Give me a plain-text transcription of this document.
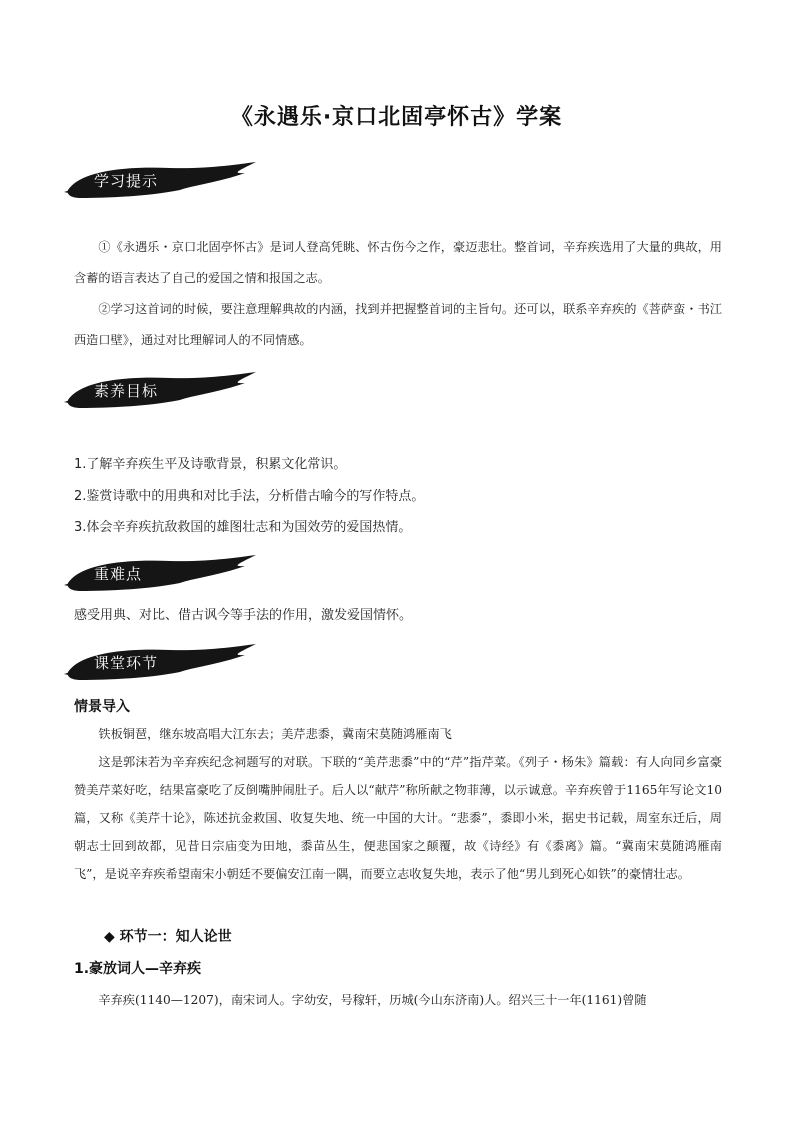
《永遇乐·京口北固亭怀古》学案
学习提示
①《永遇乐・京口北固亭怀古》是词人登高凭眺、怀古伤今之作，豪迈悲壮。整首词，辛弃疾选用了大量的典故，用含蓄的语言表达了自己的爱国之情和报国之志。
②学习这首词的时候，要注意理解典故的内涵，找到并把握整首词的主旨句。还可以，联系辛弃疾的《菩萨蛮・书江西造口壁》，通过对比理解词人的不同情感。
素养目标
1.了解辛弃疾生平及诗歌背景，积累文化常识。
2.鉴赏诗歌中的用典和对比手法，分析借古喻今的写作特点。
3.体会辛弃疾抗敌救国的雄图壮志和为国效劳的爱国热情。
重难点
感受用典、对比、借古讽今等手法的作用，激发爱国情怀。
课堂环节
情景导入
铁板铜琶，继东坡高唱大江东去；美芹悲黍，冀南宋莫随鸿雁南飞
这是郭沫若为辛弃疾纪念祠题写的对联。下联的“美芹悲黍”中的“芹”指芹菜。《列子・杨朱》篇载：有人向同乡富豪赞美芹菜好吃，结果富豪吃了反倒嘴肿闹肚子。后人以“献芹”称所献之物菲薄，以示诚意。辛弃疾曾于1165年写论文10篇，又称《美芹十论》，陈述抗金救国、收复失地、统一中国的大计。“悲黍”，黍即小米，据史书记载，周室东迁后，周朝志士回到故都，见昔日宗庙变为田地，黍苗丛生，便悲国家之颠覆，故《诗经》有《黍离》篇。“冀南宋莫随鸿雁南飞”，是说辛弃疾希望南宋小朝廷不要偏安江南一隅，而要立志收复失地，表示了他“男儿到死心如铁”的豪情壮志。
◆ 环节一：知人论世
1.豪放词人—辛弃疾
辛弃疾(1140—1207)，南宋词人。字幼安，号稼轩，历城(今山东济南)人。绍兴三十一年(1161)曾随
